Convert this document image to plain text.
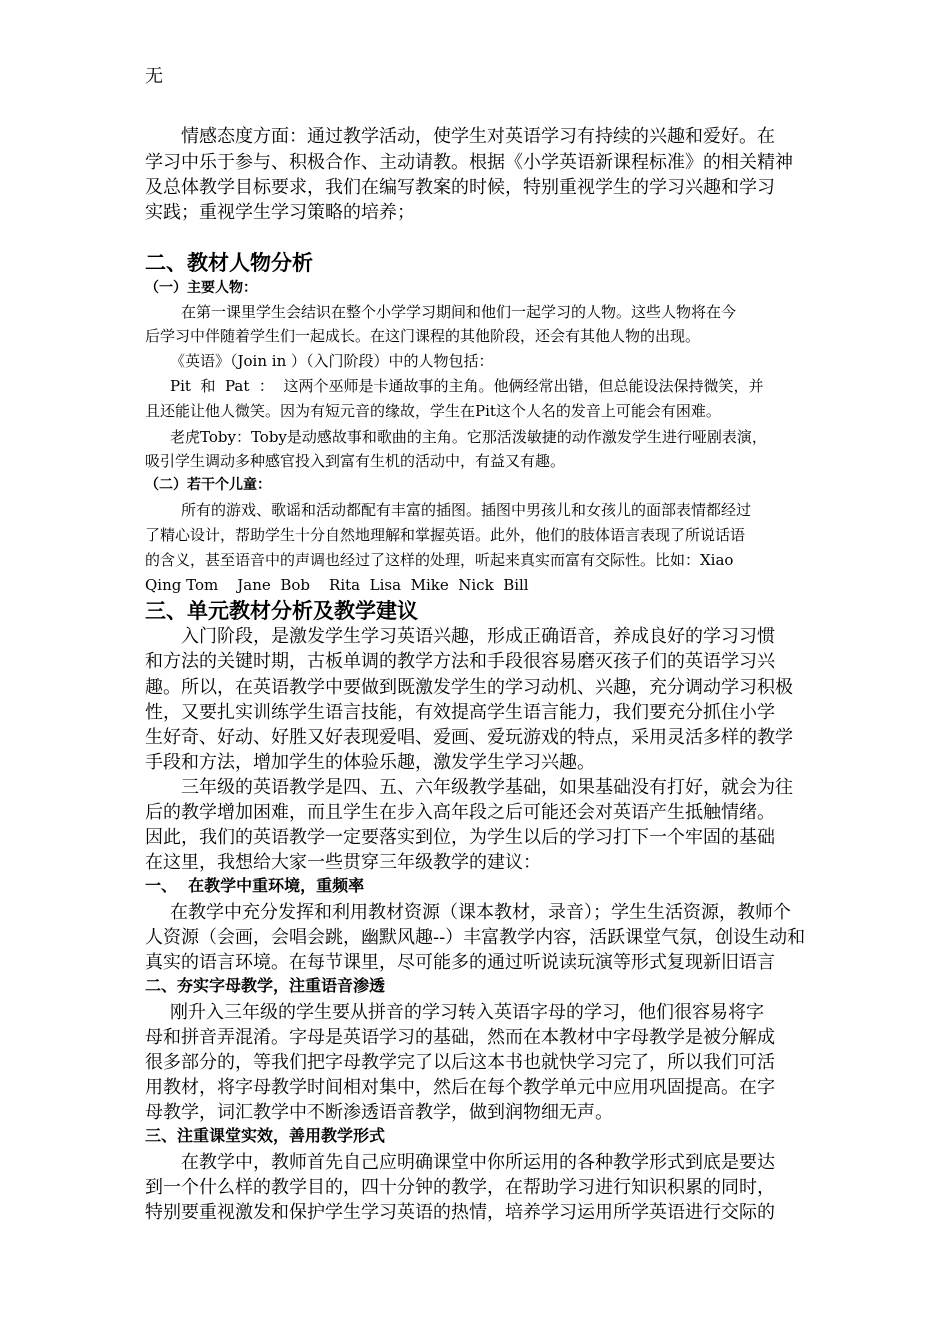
无
情感态度方面：通过教学活动，使学生对英语学习有持续的兴趣和爱好。在
学习中乐于参与、积极合作、主动请教。根据《小学英语新课程标准》的相关精神
及总体教学目标要求，我们在编写教案的时候，特别重视学生的学习兴趣和学习
实践；重视学生学习策略的培养；
二、教材人物分析
（一）主要人物：
在第一课里学生会结识在整个小学学习期间和他们一起学习的人物。这些人物将在今
后学习中伴随着学生们一起成长。在这门课程的其他阶段，还会有其他人物的出现。
《英语》（Join in ）（入门阶段）中的人物包括：
Pit  和  Pat  ：  这两个巫师是卡通故事的主角。他俩经常出错，但总能设法保持微笑，并
且还能让他人微笑。因为有短元音的缘故，学生在Pit这个人名的发音上可能会有困难。
老虎Toby：Toby是动感故事和歌曲的主角。它那活泼敏捷的动作激发学生进行哑剧表演，
吸引学生调动多种感官投入到富有生机的活动中，有益又有趣。
（二）若干个儿童：
所有的游戏、歌谣和活动都配有丰富的插图。插图中男孩儿和女孩儿的面部表情都经过
了精心设计，帮助学生十分自然地理解和掌握英语。此外，他们的肢体语言表现了所说话语
的含义，甚至语音中的声调也经过了这样的处理，听起来真实而富有交际性。比如：Xiao
Qing Tom    Jane  Bob    Rita  Lisa  Mike  Nick  Bill
三、单元教材分析及教学建议
入门阶段，是激发学生学习英语兴趣，形成正确语音，养成良好的学习习惯
和方法的关键时期，古板单调的教学方法和手段很容易磨灭孩子们的英语学习兴
趣。所以，在英语教学中要做到既激发学生的学习动机、兴趣，充分调动学习积极
性，又要扎实训练学生语言技能，有效提高学生语言能力，我们要充分抓住小学
生好奇、好动、好胜又好表现爱唱、爱画、爱玩游戏的特点，采用灵活多样的教学
手段和方法，增加学生的体验乐趣，激发学生学习兴趣。
三年级的英语教学是四、五、六年级教学基础，如果基础没有打好，就会为往
后的教学增加困难，而且学生在步入高年段之后可能还会对英语产生抵触情绪。
因此，我们的英语教学一定要落实到位，为学生以后的学习打下一个牢固的基础
在这里，我想给大家一些贯穿三年级教学的建议：
一、  在教学中重环境，重频率
在教学中充分发挥和利用教材资源（课本教材，录音）；学生生活资源，教师个
人资源（会画，会唱会跳，幽默风趣--）丰富教学内容，活跃课堂气氛，创设生动和
真实的语言环境。在每节课里，尽可能多的通过听说读玩演等形式复现新旧语言
二、夯实字母教学，注重语音渗透
刚升入三年级的学生要从拼音的学习转入英语字母的学习，他们很容易将字
母和拼音弄混淆。字母是英语学习的基础，然而在本教材中字母教学是被分解成
很多部分的，等我们把字母教学完了以后这本书也就快学习完了，所以我们可活
用教材，将字母教学时间相对集中，然后在每个教学单元中应用巩固提高。在字
母教学，词汇教学中不断渗透语音教学，做到润物细无声。
三、注重课堂实效，善用教学形式
在教学中，教师首先自己应明确课堂中你所运用的各种教学形式到底是要达
到一个什么样的教学目的，四十分钟的教学，在帮助学习进行知识积累的同时，
特别要重视激发和保护学生学习英语的热情，培养学习运用所学英语进行交际的
